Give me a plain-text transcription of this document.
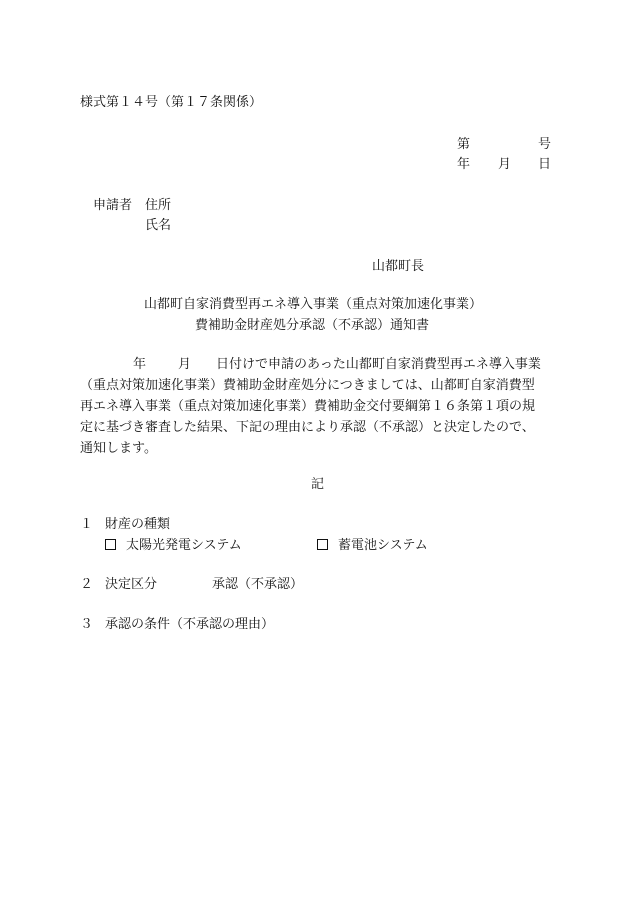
様式第１４号（第１７条関係）
第	号
年 月 日
申請者 住所
氏名
山都町長
山都町自家消費型再エネ導入事業（重点対策加速化事業）
費補助金財産処分承認（不承認）通知書
年 月 日付けで申請のあった山都町自家消費型再エネ導入事業
（重点対策加速化事業）費補助金財産処分につきましては、山都町自家消費型
再エネ導入事業（重点対策加速化事業）費補助金交付要綱第１６条第１項の規
定に基づき審査した結果、下記の理由により承認（不承認）と決定したので、
通知します。
記
１ 財産の種類
太陽光発電システム	蓄電池システム
２ 決定区分	承認（不承認）
３ 承認の条件（不承認の理由）
